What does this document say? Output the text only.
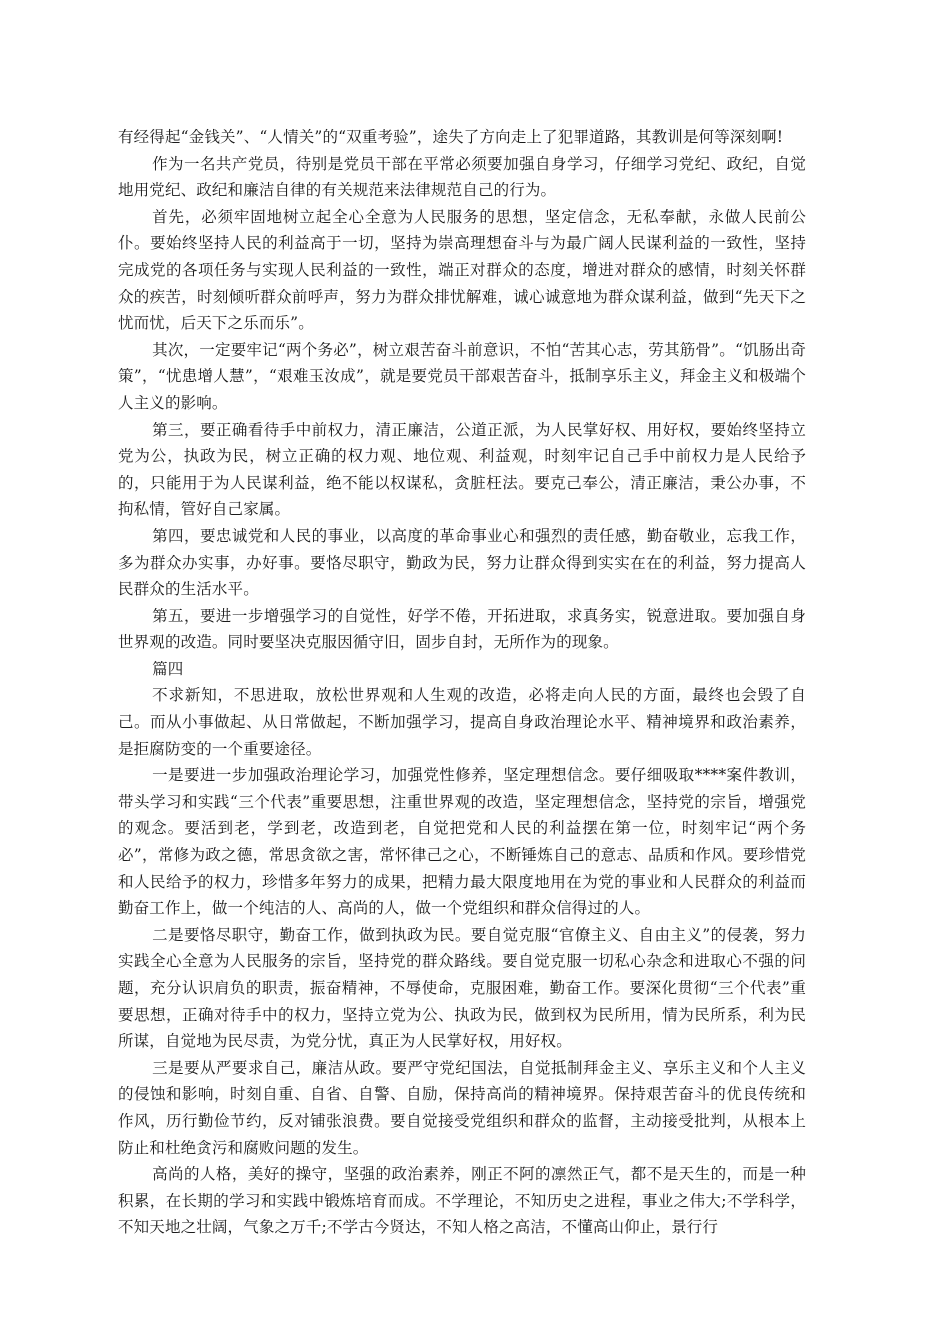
有经得起“金钱关”、“人情关”的“双重考验”，途失了方向走上了犯罪道路，其教训是何等深刻啊!

作为一名共产党员，待别是党员干部在平常必须要加强自身学习，仔细学习党纪、政纪，自觉地用党纪、政纪和廉洁自律的有关规范来法律规范自己的行为。

首先，必须牢固地树立起全心全意为人民服务的思想，坚定信念，无私奉献，永做人民前公仆。要始终坚持人民的利益高于一切，坚持为崇高理想奋斗与为最广阔人民谋利益的一致性，坚持完成党的各项任务与实现人民利益的一致性，端正对群众的态度，增进对群众的感情，时刻关怀群众的疾苦，时刻倾听群众前呼声，努力为群众排忧解难，诚心诚意地为群众谋利益，做到“先天下之忧而忧，后天下之乐而乐”。

其次，一定要牢记“两个务必”，树立艰苦奋斗前意识，不怕“苦其心志，劳其筋骨”。“饥肠出奇策”，“忧患增人慧”，“艰难玉汝成”，就是要党员干部艰苦奋斗，抵制享乐主义，拜金主义和极端个人主义的影响。

第三，要正确看待手中前权力，清正廉洁，公道正派，为人民掌好权、用好权，要始终坚持立党为公，执政为民，树立正确的权力观、地位观、利益观，时刻牢记自己手中前权力是人民给予的，只能用于为人民谋利益，绝不能以权谋私，贪脏枉法。要克己奉公，清正廉洁，秉公办事，不拘私情，管好自己家属。

第四，要忠诚党和人民的事业，以高度的革命事业心和强烈的责任感，勤奋敬业，忘我工作，多为群众办实事，办好事。要恪尽职守，勤政为民，努力让群众得到实实在在的利益，努力提高人民群众的生活水平。

第五，要进一步增强学习的自觉性，好学不倦，开拓进取，求真务实，锐意进取。要加强自身世界观的改造。同时要坚决克服因循守旧，固步自封，无所作为的现象。

篇四

不求新知，不思进取，放松世界观和人生观的改造，必将走向人民的方面，最终也会毁了自己。而从小事做起、从日常做起，不断加强学习，提高自身政治理论水平、精神境界和政治素养，是拒腐防变的一个重要途径。

一是要进一步加强政治理论学习，加强党性修养，坚定理想信念。要仔细吸取****案件教训，带头学习和实践“三个代表”重要思想，注重世界观的改造，坚定理想信念，坚持党的宗旨，增强党的观念。要活到老，学到老，改造到老，自觉把党和人民的利益摆在第一位，时刻牢记“两个务必”，常修为政之德，常思贪欲之害，常怀律己之心，不断锤炼自己的意志、品质和作风。要珍惜党和人民给予的权力，珍惜多年努力的成果，把精力最大限度地用在为党的事业和人民群众的利益而勤奋工作上，做一个纯洁的人、高尚的人，做一个党组织和群众信得过的人。

二是要恪尽职守，勤奋工作，做到执政为民。要自觉克服“官僚主义、自由主义”的侵袭，努力实践全心全意为人民服务的宗旨，坚持党的群众路线。要自觉克服一切私心杂念和进取心不强的问题，充分认识肩负的职责，振奋精神，不辱使命，克服困难，勤奋工作。要深化贯彻“三个代表”重要思想，正确对待手中的权力，坚持立党为公、执政为民，做到权为民所用，情为民所系，利为民所谋，自觉地为民尽责，为党分忧，真正为人民掌好权，用好权。

三是要从严要求自己，廉洁从政。要严守党纪国法，自觉抵制拜金主义、享乐主义和个人主义的侵蚀和影响，时刻自重、自省、自警、自励，保持高尚的精神境界。保持艰苦奋斗的优良传统和作风，历行勤俭节约，反对铺张浪费。要自觉接受党组织和群众的监督，主动接受批判，从根本上防止和杜绝贪污和腐败问题的发生。

高尚的人格，美好的操守，坚强的政治素养，刚正不阿的凛然正气，都不是天生的，而是一种积累，在长期的学习和实践中锻炼培育而成。不学理论，不知历史之进程，事业之伟大;不学科学，不知天地之壮阔，气象之万千;不学古今贤达，不知人格之高洁，不懂高山仰止，景行行
